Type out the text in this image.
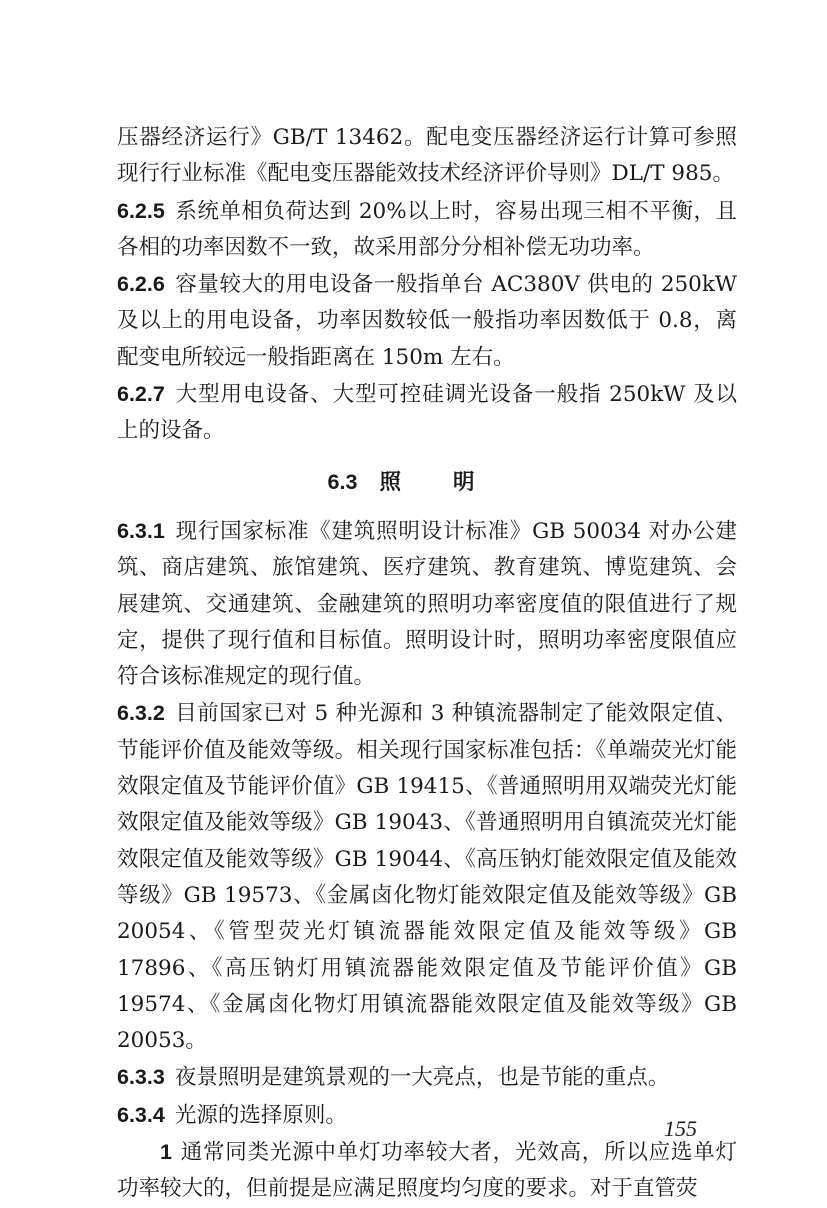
压器经济运行》GB/T 13462。配电变压器经济运行计算可参照现行行业标准《配电变压器能效技术经济评价导则》DL/T 985。

6.2.5 系统单相负荷达到 20%以上时，容易出现三相不平衡，且各相的功率因数不一致，故采用部分分相补偿无功功率。

6.2.6 容量较大的用电设备一般指单台 AC380V 供电的 250kW及以上的用电设备，功率因数较低一般指功率因数低于 0.8，离配变电所较远一般指距离在 150m 左右。

6.2.7 大型用电设备、大型可控硅调光设备一般指 250kW 及以上的设备。

6.3 照明

6.3.1 现行国家标准《建筑照明设计标准》GB 50034 对办公建筑、商店建筑、旅馆建筑、医疗建筑、教育建筑、博览建筑、会展建筑、交通建筑、金融建筑的照明功率密度值的限值进行了规定，提供了现行值和目标值。照明设计时，照明功率密度限值应符合该标准规定的现行值。

6.3.2 目前国家已对 5 种光源和 3 种镇流器制定了能效限定值、节能评价值及能效等级。相关现行国家标准包括：《单端荧光灯能效限定值及节能评价值》GB 19415、《普通照明用双端荧光灯能效限定值及能效等级》GB 19043、《普通照明用自镇流荧光灯能效限定值及能效等级》GB 19044、《高压钠灯能效限定值及能效等级》GB 19573、《金属卤化物灯能效限定值及能效等级》GB 20054、《管型荧光灯镇流器能效限定值及能效等级》GB 17896、《高压钠灯用镇流器能效限定值及节能评价值》GB 19574、《金属卤化物灯用镇流器能效限定值及能效等级》GB 20053。

6.3.3 夜景照明是建筑景观的一大亮点，也是节能的重点。

6.3.4 光源的选择原则。

1 通常同类光源中单灯功率较大者，光效高，所以应选单灯功率较大的，但前提是应满足照度均匀度的要求。对于直管荧

155
